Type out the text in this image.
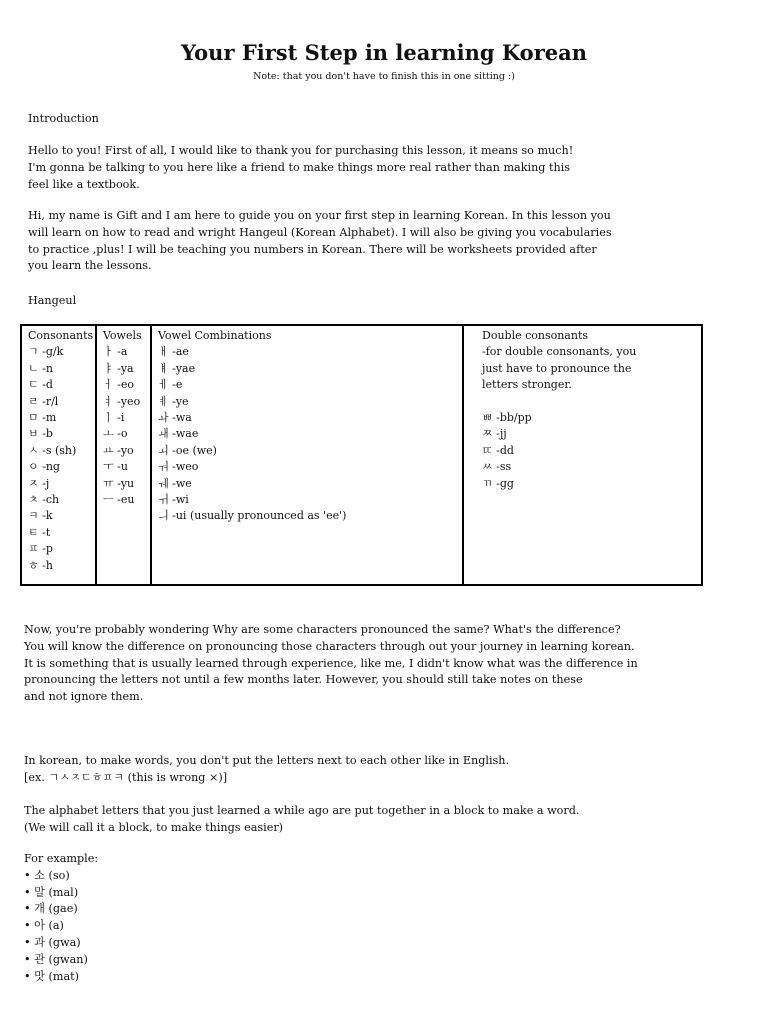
Your First Step in learning Korean

Note: that you don't have to finish this in one sitting :)

Introduction

Hello to you! First of all, I would like to thank you for purchasing this lesson, it means so much!
I'm gonna be talking to you here like a friend to make things more real rather than making this
feel like a textbook.

Hi, my name is Gift and I am here to guide you on your first step in learning Korean. In this lesson you
will learn on how to read and wright Hangeul (Korean Alphabet). I will also be giving you vocabularies
to practice ,plus! I will be teaching you numbers in Korean. There will be worksheets provided after
you learn the lessons.

Hangeul

Consonants
ㄱ -g/k
ㄴ -n
ㄷ -d
ㄹ -r/l
ㅁ -m
ㅂ -b
ㅅ -s (sh)
ㅇ -ng
ㅈ -j
ㅊ -ch
ㅋ -k
ㅌ -t
ㅍ -p
ㅎ -h

Vowels
ㅏ -a
ㅑ -ya
ㅓ -eo
ㅕ -yeo
ㅣ -i
ㅗ -o
ㅛ -yo
ㅜ -u
ㅠ -yu
ㅡ -eu

Vowel Combinations
ㅐ -ae
ㅒ -yae
ㅔ -e
ㅖ -ye
ㅘ -wa
ㅙ -wae
ㅚ -oe (we)
ㅝ -weo
ㅞ -we
ㅟ -wi
ㅢ -ui (usually pronounced as 'ee')

Double consonants
-for double consonants, you
just have to pronounce the
letters stronger.
ㅃ -bb/pp
ㅉ -jj
ㄸ -dd
ㅆ -ss
ㄲ -gg

Now, you're probably wondering Why are some characters pronounced the same? What's the difference?
You will know the difference on pronouncing those characters through out your journey in learning korean.
It is something that is usually learned through experience, like me, I didn't know what was the difference in
pronouncing the letters not until a few months later. However, you should still take notes on these
and not ignore them.

In korean, to make words, you don't put the letters next to each other like in English.
[ex. ㄱㅅㅈㄷㅎㅍㅋ (this is wrong ×)]

The alphabet letters that you just learned a while ago are put together in a block to make a word.
(We will call it a block, to make things easier)

For example:
• 소 (so)
• 말 (mal)
• 개 (gae)
• 아 (a)
• 과 (gwa)
• 관 (gwan)
• 맛 (mat)
